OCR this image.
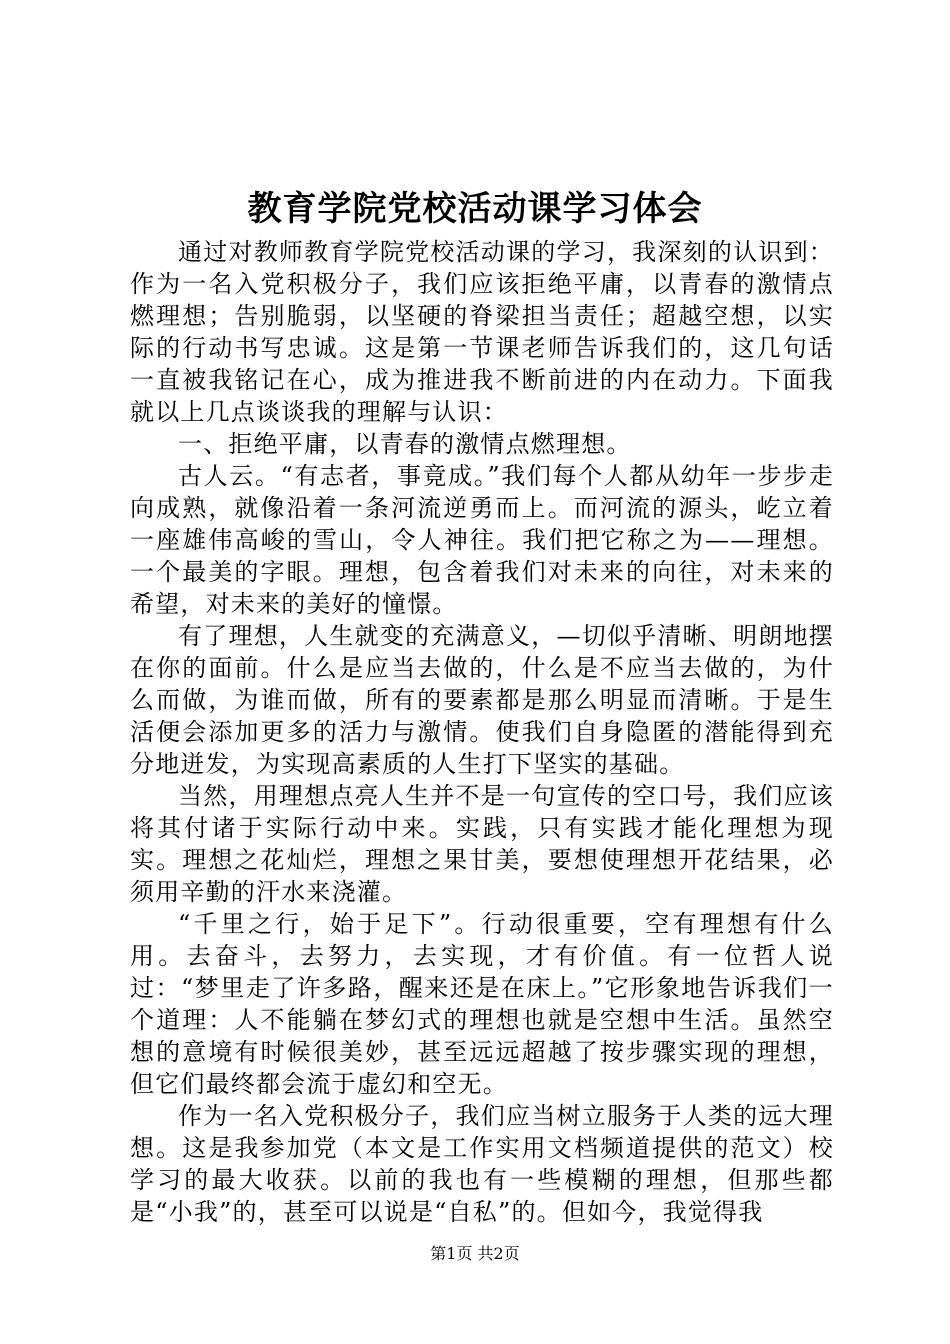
教育学院党校活动课学习体会

通过对教师教育学院党校活动课的学习，我深刻的认识到：作为一名入党积极分子，我们应该拒绝平庸，以青春的激情点燃理想；告别脆弱，以坚硬的脊梁担当责任；超越空想，以实际的行动书写忠诚。这是第一节课老师告诉我们的，这几句话一直被我铭记在心，成为推进我不断前进的内在动力。下面我就以上几点谈谈我的理解与认识：

一、拒绝平庸，以青春的激情点燃理想。

古人云。“有志者，事竟成。”我们每个人都从幼年一步步走向成熟，就像沿着一条河流逆勇而上。而河流的源头，屹立着一座雄伟高峻的雪山，令人神往。我们把它称之为——理想。一个最美的字眼。理想，包含着我们对未来的向往，对未来的希望，对未来的美好的憧憬。

有了理想，人生就变的充满意义，—切似乎清晰、明朗地摆在你的面前。什么是应当去做的，什么是不应当去做的，为什么而做，为谁而做，所有的要素都是那么明显而清晰。于是生活便会添加更多的活力与激情。使我们自身隐匿的潜能得到充分地迸发，为实现高素质的人生打下坚实的基础。

当然，用理想点亮人生并不是一句宣传的空口号，我们应该将其付诸于实际行动中来。实践，只有实践才能化理想为现实。理想之花灿烂，理想之果甘美，要想使理想开花结果，必须用辛勤的汗水来浇灌。

“千里之行，始于足下”。行动很重要，空有理想有什么用。去奋斗，去努力，去实现，才有价值。有一位哲人说过：“梦里走了许多路，醒来还是在床上。”它形象地告诉我们一个道理：人不能躺在梦幻式的理想也就是空想中生活。虽然空想的意境有时候很美妙，甚至远远超越了按步骤实现的理想，但它们最终都会流于虚幻和空无。

作为一名入党积极分子，我们应当树立服务于人类的远大理想。这是我参加党（本文是工作实用文档频道提供的范文）校学习的最大收获。以前的我也有一些模糊的理想，但那些都是“小我”的，甚至可以说是“自私”的。但如今，我觉得我

第1页 共2页
